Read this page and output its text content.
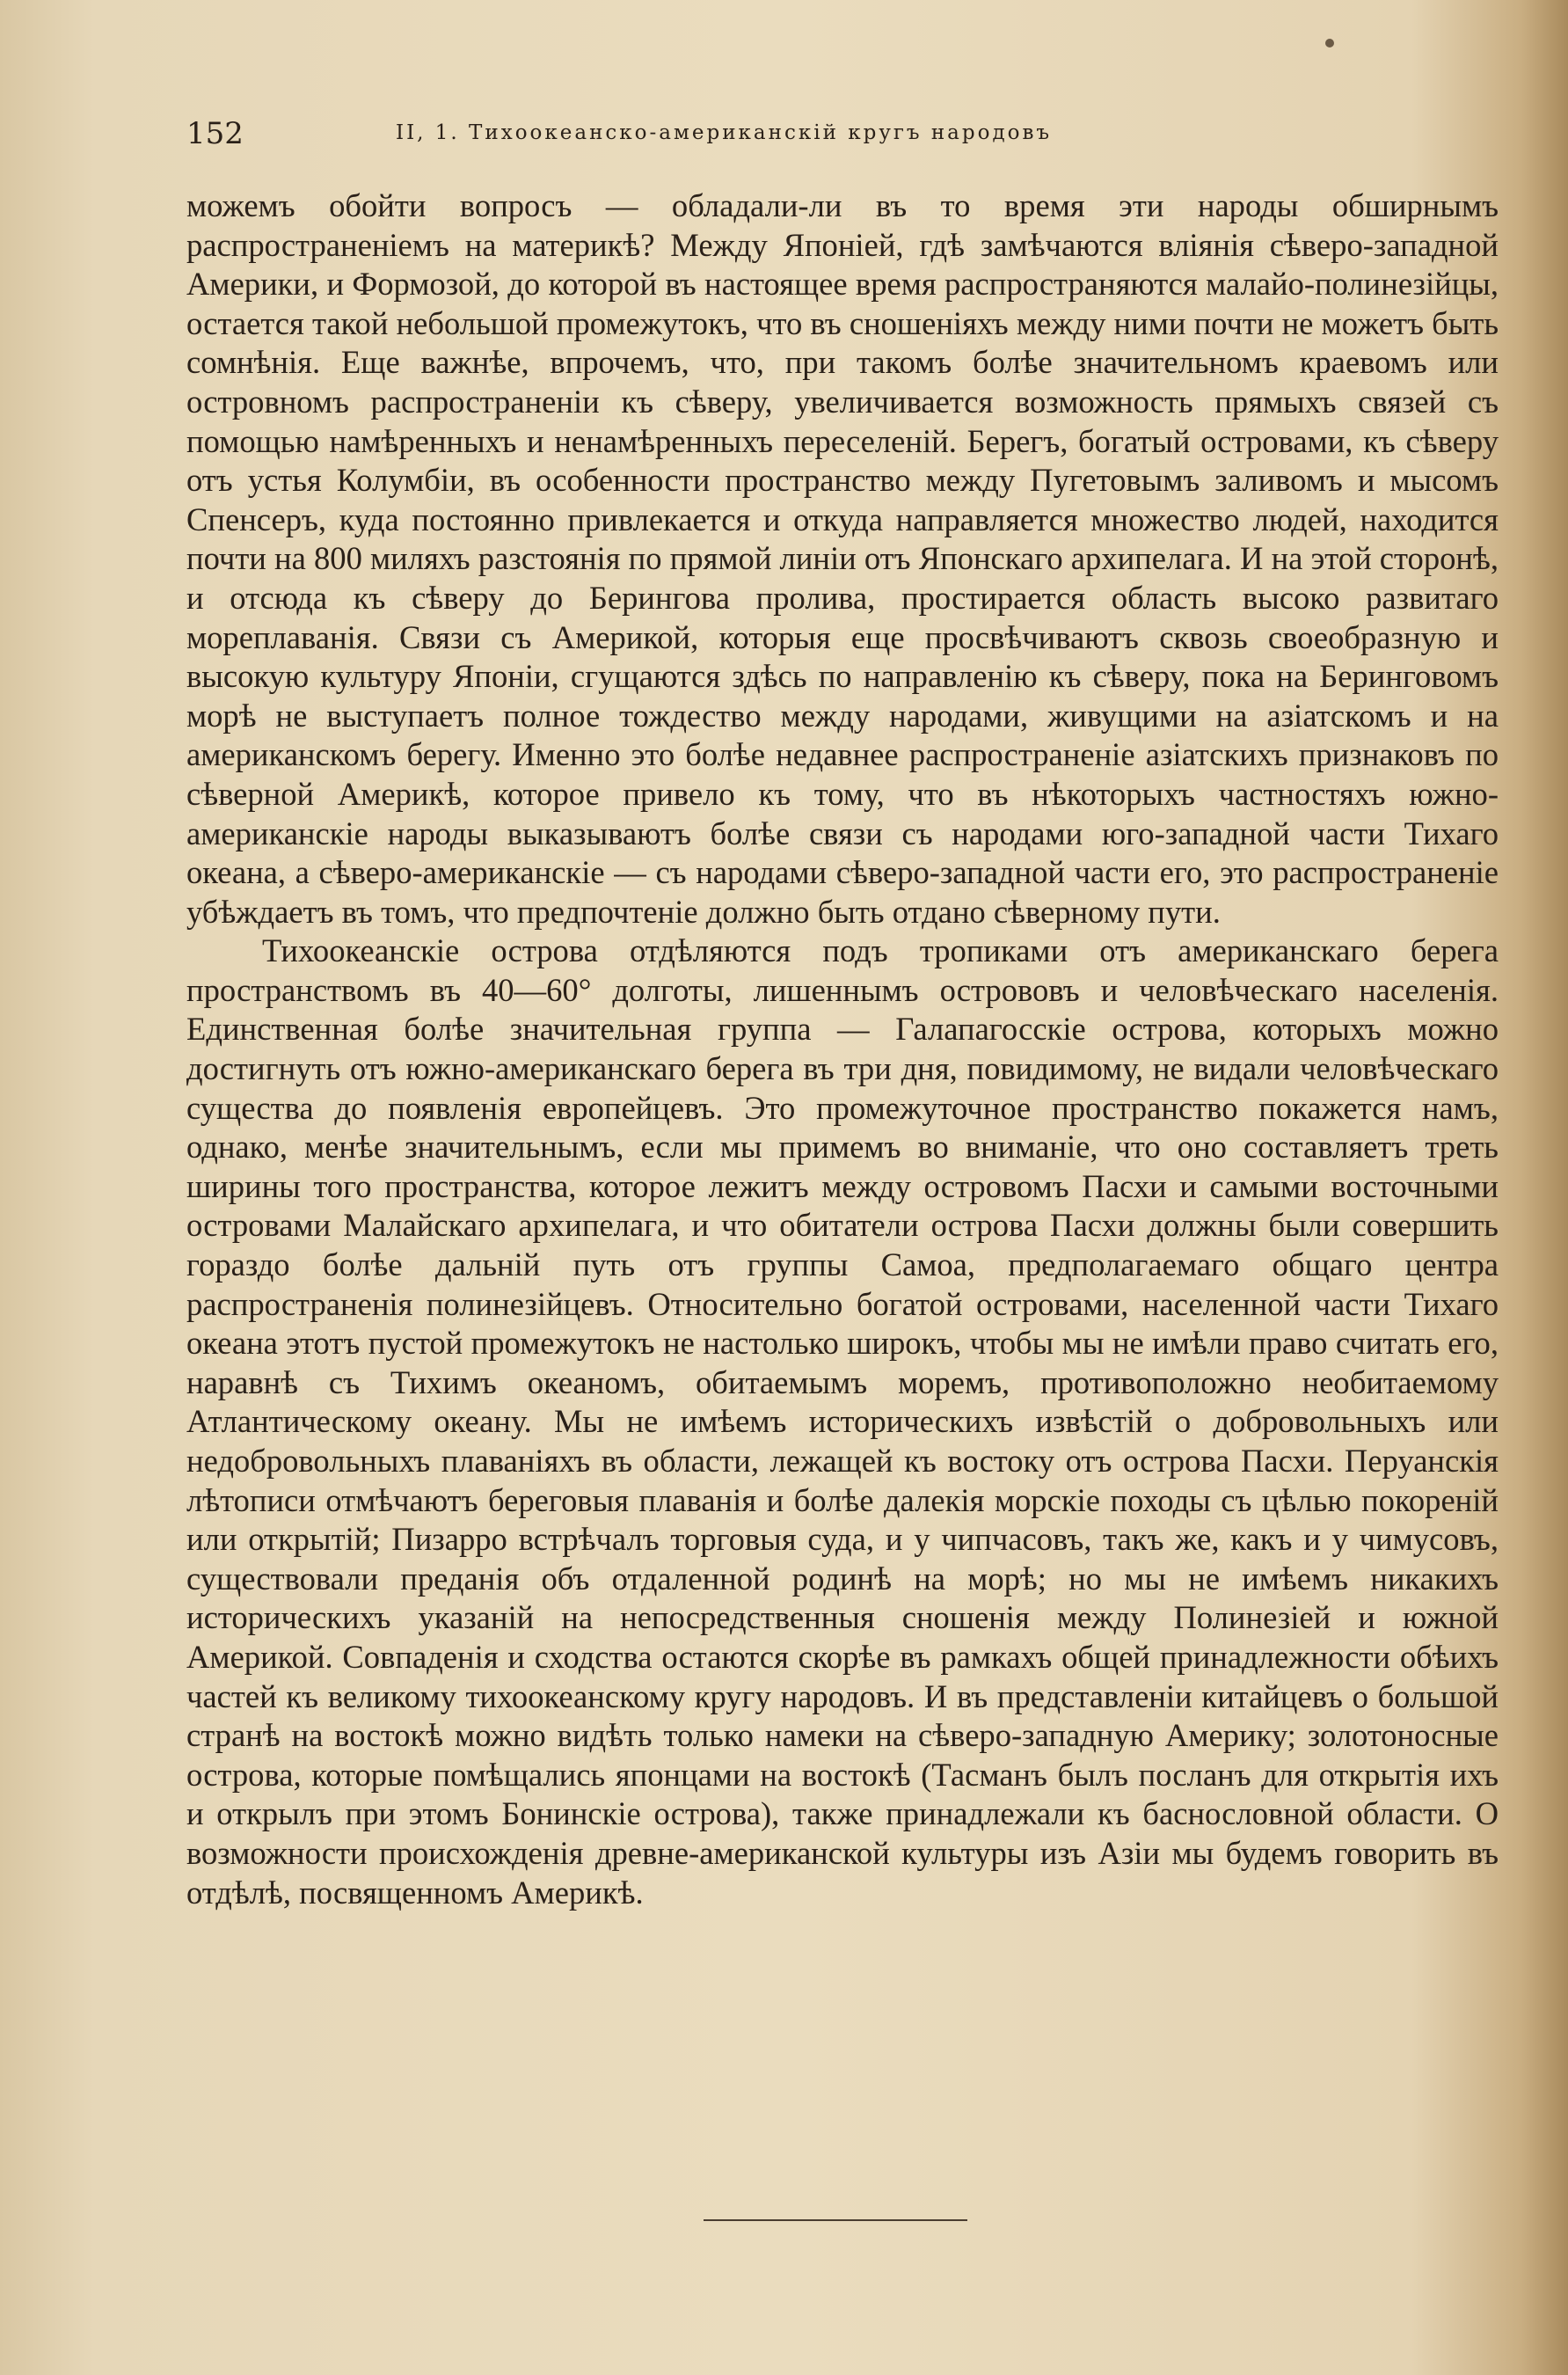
152	II, 1. Тихоокеанско-американскій кругъ народовъ

можемъ обойти вопросъ — обладали-ли въ то время эти народы обширнымъ распространеніемъ на материкѣ? Между Японіей, гдѣ замѣчаются вліянія сѣверо-западной Америки, и Формозой, до которой въ настоящее время распространяются малайо-полинезійцы, остается такой небольшой промежутокъ, что въ сношеніяхъ между ними почти не можетъ быть сомнѣнія. Еще важнѣе, впрочемъ, что, при такомъ болѣе значительномъ краевомъ или островномъ распространеніи къ сѣверу, увеличивается возможность прямыхъ связей съ помощью намѣренныхъ и ненамѣренныхъ переселеній. Берегъ, богатый островами, къ сѣверу отъ устья Колумбіи, въ особенности пространство между Пугетовымъ заливомъ и мысомъ Спенсеръ, куда постоянно привлекается и откуда направляется множество людей, находится почти на 800 миляхъ разстоянія по прямой линіи отъ Японскаго архипелага. И на этой сторонѣ, и отсюда къ сѣверу до Берингова пролива, простирается область высоко развитаго мореплаванія. Связи съ Америкой, которыя еще просвѣчиваютъ сквозь своеобразную и высокую культуру Японіи, сгущаются здѣсь по направленію къ сѣверу, пока на Беринговомъ морѣ не выступаетъ полное тождество между народами, живущими на азіатскомъ и на американскомъ берегу. Именно это болѣе недавнее распространеніе азіатскихъ признаковъ по сѣверной Америкѣ, которое привело къ тому, что въ нѣкоторыхъ частностяхъ южно-американскіе народы выказываютъ болѣе связи съ народами юго-западной части Тихаго океана, а сѣверо-американскіе — съ народами сѣверо-западной части его, это распространеніе убѣждаетъ въ томъ, что предпочтеніе должно быть отдано сѣверному пути.

Тихоокеанскіе острова отдѣляются подъ тропиками отъ американскаго берега пространствомъ въ 40—60° долготы, лишеннымъ острововъ и человѣческаго населенія. Единственная болѣе значительная группа — Галапагосскіе острова, которыхъ можно достигнуть отъ южно-американскаго берега въ три дня, повидимому, не видали человѣческаго существа до появленія европейцевъ. Это промежуточное пространство покажется намъ, однако, менѣе значительнымъ, если мы примемъ во вниманіе, что оно составляетъ треть ширины того пространства, которое лежитъ между островомъ Пасхи и самыми восточными островами Малайскаго архипелага, и что обитатели острова Пасхи должны были совершить гораздо болѣе дальній путь отъ группы Самоа, предполагаемаго общаго центра распространенія полинезійцевъ. Относительно богатой островами, населенной части Тихаго океана этотъ пустой промежутокъ не настолько широкъ, чтобы мы не имѣли право считать его, наравнѣ съ Тихимъ океаномъ, обитаемымъ моремъ, противоположно необитаемому Атлантическому океану. Мы не имѣемъ историческихъ извѣстій о добровольныхъ или недобровольныхъ плаваніяхъ въ области, лежащей къ востоку отъ острова Пасхи. Перуанскія лѣтописи отмѣчаютъ береговыя плаванія и болѣе далекія морскіе походы съ цѣлью покореній или открытій; Пизарро встрѣчалъ торговыя суда, и у чипчасовъ, такъ же, какъ и у чимусовъ, существовали преданія объ отдаленной родинѣ на морѣ; но мы не имѣемъ никакихъ историческихъ указаній на непосредственныя сношенія между Полинезіей и южной Америкой. Совпаденія и сходства остаются скорѣе въ рамкахъ общей принадлежности обѣихъ частей къ великому тихоокеанскому кругу народовъ. И въ представленіи китайцевъ о большой странѣ на востокѣ можно видѣть только намеки на сѣверо-западную Америку; золотоносные острова, которые помѣщались японцами на востокѣ (Тасманъ былъ посланъ для открытія ихъ и открылъ при этомъ Бонинскіе острова), также принадлежали къ баснословной области. О возможности происхожденія древне-американской культуры изъ Азіи мы будемъ говорить въ отдѣлѣ, посвященномъ Америкѣ.
